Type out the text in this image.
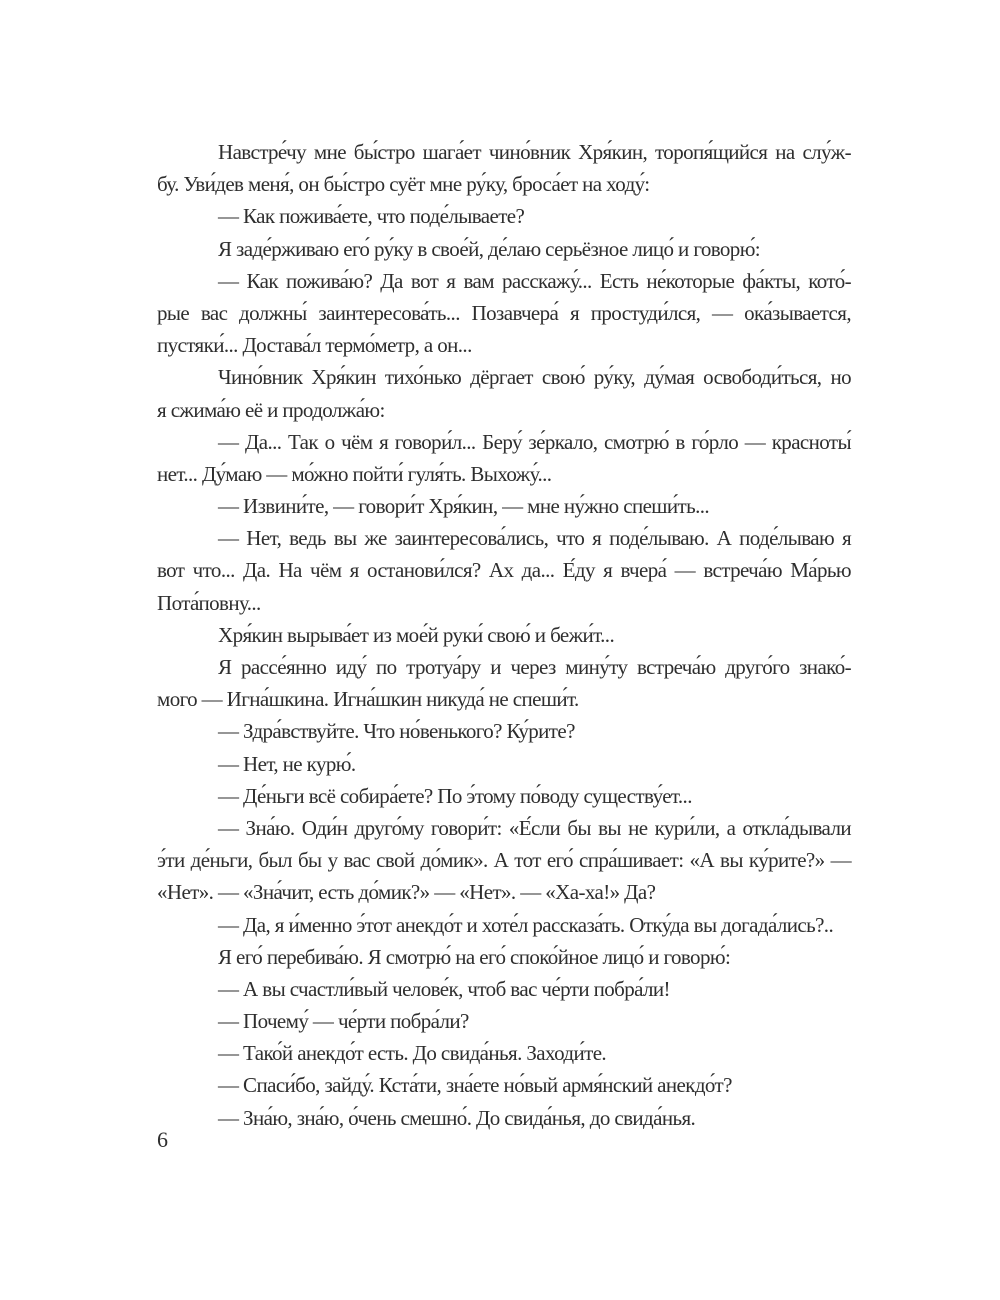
Навстре́чу мне бы́стро шага́ет чино́вник Хря́кин, торопя́щийся на слу́ж-
бу. Уви́дев меня́, он бы́стро суёт мне ру́ку, броса́ет на ходу́:
— Как пожива́ете, что поде́лываете?
Я заде́рживаю его́ ру́ку в свое́й, де́лаю серьёзное лицо́ и говорю́:
— Как пожива́ю? Да вот я вам расскажу́... Есть не́которые фа́кты, кото́-
рые вас должны́ заинтересова́ть... Позавчера́ я простуди́лся, — ока́зывается,
пустяки́... Достава́л термо́метр, а он...
Чино́вник Хря́кин тихо́нько дёргает свою́ ру́ку, ду́мая освободи́ться, но
я сжима́ю её и продолжа́ю:
— Да... Так о чём я говори́л... Беру́ зе́ркало, смотрю́ в го́рло — красноты́
нет... Ду́маю — мо́жно пойти́ гуля́ть. Выхожу́...
— Извини́те, — говори́т Хря́кин, — мне ну́жно спеши́ть...
— Нет, ведь вы же заинтересова́лись, что я поде́лываю. А поде́лываю я
вот что... Да. На чём я останови́лся? Ах да... Е́ду я вчера́ — встреча́ю Ма́рью
Пота́повну...
Хря́кин вырыва́ет из мое́й руки́ свою́ и бежи́т...
Я рассе́янно иду́ по тротуа́ру и через мину́ту встреча́ю друго́го знако́-
мого — Игна́шкина. Игна́шкин никуда́ не спеши́т.
— Здра́вствуйте. Что но́венького? Ку́рите?
— Нет, не курю́.
— Де́ньги всё собира́ете? По э́тому по́воду существу́ет...
— Зна́ю. Оди́н друго́му говори́т: «Е́сли бы вы не кури́ли, а откла́дывали
э́ти де́ньги, был бы у вас свой до́мик». А тот его́ спра́шивает: «А вы ку́рите?» —
«Нет». — «Зна́чит, есть до́мик?» — «Нет». — «Ха-ха!» Да?
— Да, я и́менно э́тот анекдо́т и хоте́л рассказа́ть. Отку́да вы догада́лись?..
Я его́ перебива́ю. Я смотрю́ на его́ споко́йное лицо́ и говорю́:
— А вы счастли́вый челове́к, чтоб вас че́рти побра́ли!
— Почему́ — че́рти побра́ли?
— Тако́й анекдо́т есть. До свида́нья. Заходи́те.
— Спаси́бо, зайду́. Кста́ти, зна́ете но́вый армя́нский анекдо́т?
— Зна́ю, зна́ю, о́чень смешно́. До свида́нья, до свида́нья.
6
